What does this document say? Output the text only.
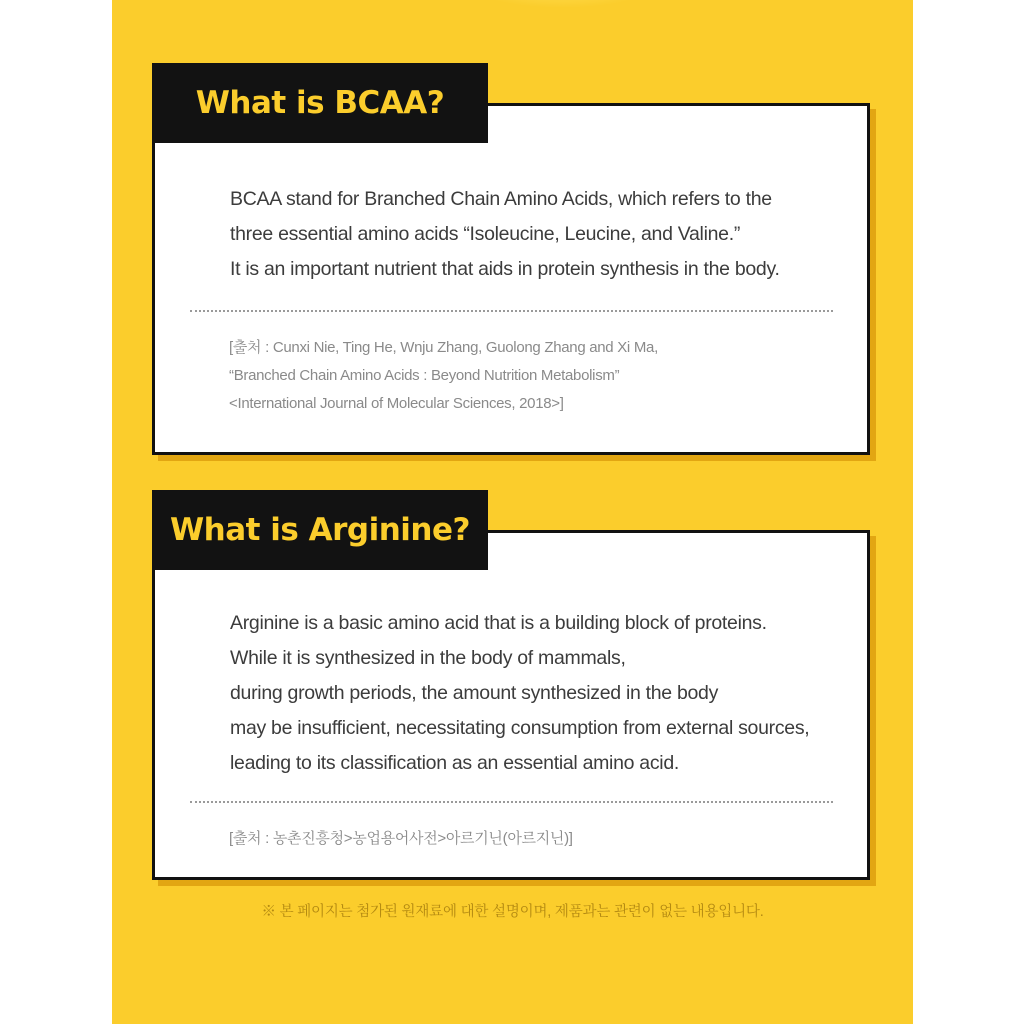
What is BCAA?
BCAA stand for Branched Chain Amino Acids, which refers to the
three essential amino acids “Isoleucine, Leucine, and Valine.”
It is an important nutrient that aids in protein synthesis in the body.
[출처 : Cunxi Nie, Ting He, Wnju Zhang, Guolong Zhang and Xi Ma,
“Branched Chain Amino Acids : Beyond Nutrition Metabolism”
<International Journal of Molecular Sciences, 2018>]
What is Arginine?
Arginine is a basic amino acid that is a building block of proteins.
While it is synthesized in the body of mammals,
during growth periods, the amount synthesized in the body
may be insufficient, necessitating consumption from external sources,
leading to its classification as an essential amino acid.
[출처 : 농촌진흥청>농업용어사전>아르기닌(아르지닌)]
※ 본 페이지는 첨가된 원재료에 대한 설명이며, 제품과는 관련이 없는 내용입니다.
